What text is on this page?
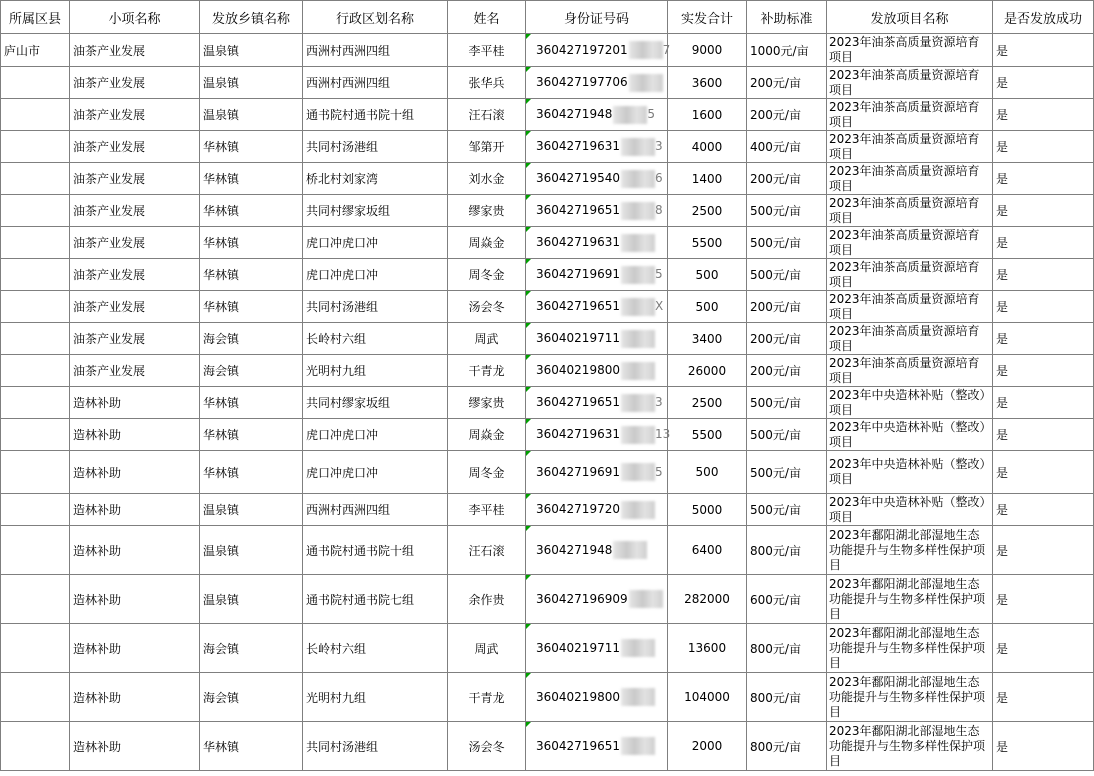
所属区县	小项名称	发放乡镇名称	行政区划名称	姓名	身份证号码	实发合计	补助标准	发放项目名称	是否发放成功
庐山市	油茶产业发展	温泉镇	西洲村西洲四组	李平桂	360427197201 7	9000	1000元/亩	2023年油茶高质量资源培育项目	是
	油茶产业发展	温泉镇	西洲村西洲四组	张华兵	360427197706	3600	200元/亩	2023年油茶高质量资源培育项目	是
	油茶产业发展	温泉镇	通书院村通书院十组	汪石滚	3604271948 5	1600	200元/亩	2023年油茶高质量资源培育项目	是
	油茶产业发展	华林镇	共同村汤港组	邹第开	36042719631 3	4000	400元/亩	2023年油茶高质量资源培育项目	是
	油茶产业发展	华林镇	桥北村刘家湾	刘水金	36042719540 6	1400	200元/亩	2023年油茶高质量资源培育项目	是
	油茶产业发展	华林镇	共同村缪家坂组	缪家贵	36042719651 8	2500	500元/亩	2023年油茶高质量资源培育项目	是
	油茶产业发展	华林镇	虎口冲虎口冲	周焱金	36042719631	5500	500元/亩	2023年油茶高质量资源培育项目	是
	油茶产业发展	华林镇	虎口冲虎口冲	周冬金	36042719691 5	500	500元/亩	2023年油茶高质量资源培育项目	是
	油茶产业发展	华林镇	共同村汤港组	汤会冬	36042719651 X	500	200元/亩	2023年油茶高质量资源培育项目	是
	油茶产业发展	海会镇	长岭村六组	周武	36040219711	3400	200元/亩	2023年油茶高质量资源培育项目	是
	油茶产业发展	海会镇	光明村九组	干青龙	36040219800	26000	200元/亩	2023年油茶高质量资源培育项目	是
	造林补助	华林镇	共同村缪家坂组	缪家贵	36042719651 3	2500	500元/亩	2023年中央造林补贴（整改）项目	是
	造林补助	华林镇	虎口冲虎口冲	周焱金	36042719631 13	5500	500元/亩	2023年中央造林补贴（整改）项目	是
	造林补助	华林镇	虎口冲虎口冲	周冬金	36042719691 5	500	500元/亩	2023年中央造林补贴（整改）项目	是
	造林补助	温泉镇	西洲村西洲四组	李平桂	36042719720	5000	500元/亩	2023年中央造林补贴（整改）项目	是
	造林补助	温泉镇	通书院村通书院十组	汪石滚	3604271948	6400	800元/亩	2023年鄱阳湖北部湿地生态功能提升与生物多样性保护项目	是
	造林补助	温泉镇	通书院村通书院七组	余作贵	360427196909	282000	600元/亩	2023年鄱阳湖北部湿地生态功能提升与生物多样性保护项目	是
	造林补助	海会镇	长岭村六组	周武	36040219711	13600	800元/亩	2023年鄱阳湖北部湿地生态功能提升与生物多样性保护项目	是
	造林补助	海会镇	光明村九组	干青龙	36040219800	104000	800元/亩	2023年鄱阳湖北部湿地生态功能提升与生物多样性保护项目	是
	造林补助	华林镇	共同村汤港组	汤会冬	36042719651	2000	800元/亩	2023年鄱阳湖北部湿地生态功能提升与生物多样性保护项目	是
